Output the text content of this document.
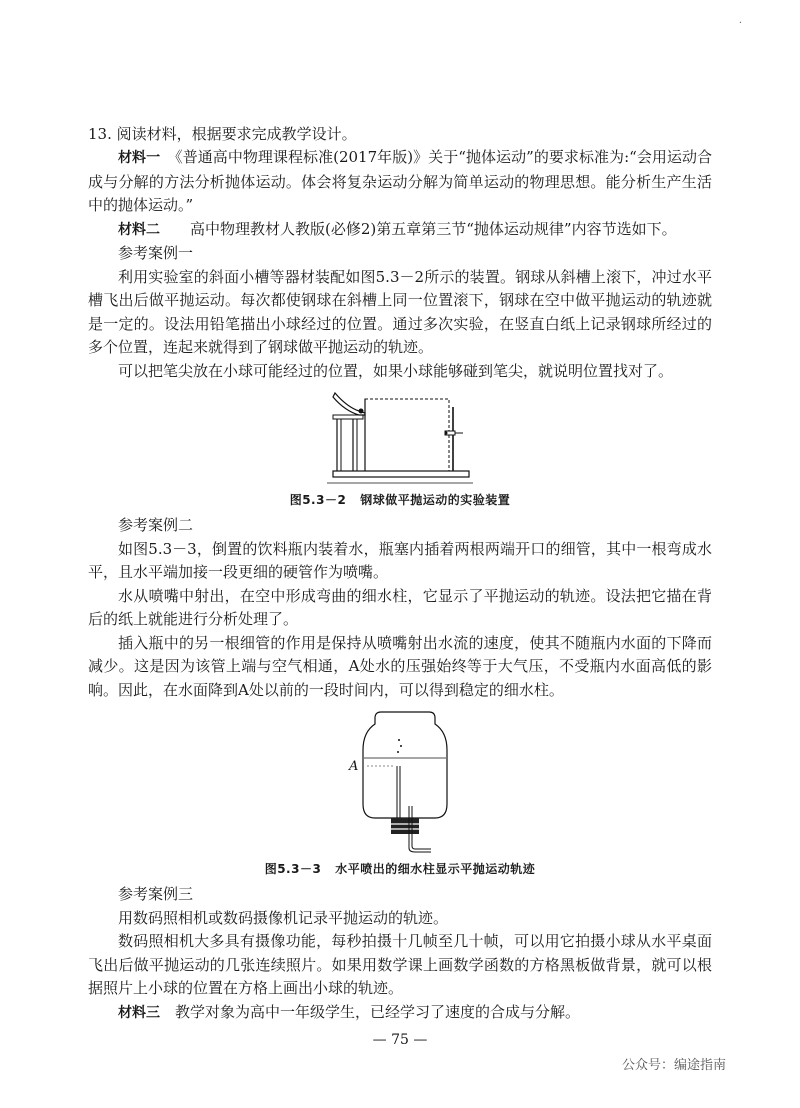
·

13. 阅读材料，根据要求完成教学设计。

材料一　 《普通高中物理课程标准(2017年版)》关于“抛体运动”的要求标准为:“会用运动合成与分解的方法分析抛体运动。体会将复杂运动分解为简单运动的物理思想。能分析生产生活中的抛体运动。”

材料二　　 高中物理教材人教版(必修2)第五章第三节“抛体运动规律”内容节选如下。

参考案例一

利用实验室的斜面小槽等器材装配如图5.3－2所示的装置。钢球从斜槽上滚下，冲过水平槽飞出后做平抛运动。每次都使钢球在斜槽上同一位置滚下，钢球在空中做平抛运动的轨迹就是一定的。设法用铅笔描出小球经过的位置。通过多次实验，在竖直白纸上记录钢球所经过的多个位置，连起来就得到了钢球做平抛运动的轨迹。

可以把笔尖放在小球可能经过的位置，如果小球能够碰到笔尖，就说明位置找对了。

图5.3－2 钢球做平抛运动的实验装置

参考案例二

如图5.3－3，倒置的饮料瓶内装着水，瓶塞内插着两根两端开口的细管，其中一根弯成水平，且水平端加接一段更细的硬管作为喷嘴。

水从喷嘴中射出，在空中形成弯曲的细水柱，它显示了平抛运动的轨迹。设法把它描在背后的纸上就能进行分析处理了。

插入瓶中的另一根细管的作用是保持从喷嘴射出水流的速度，使其不随瓶内水面的下降而减少。这是因为该管上端与空气相通，A处水的压强始终等于大气压，不受瓶内水面高低的影响。因此，在水面降到A处以前的一段时间内，可以得到稳定的细水柱。

A
图5.3－3 水平喷出的细水柱显示平抛运动轨迹

参考案例三

用数码照相机或数码摄像机记录平抛运动的轨迹。

数码照相机大多具有摄像功能，每秒拍摄十几帧至几十帧，可以用它拍摄小球从水平桌面飞出后做平抛运动的几张连续照片。如果用数学课上画数学函数的方格黑板做背景，就可以根据照片上小球的位置在方格上画出小球的轨迹。

材料三　 教学对象为高中一年级学生，已经学习了速度的合成与分解。

— 75 —
公众号：编途指南
